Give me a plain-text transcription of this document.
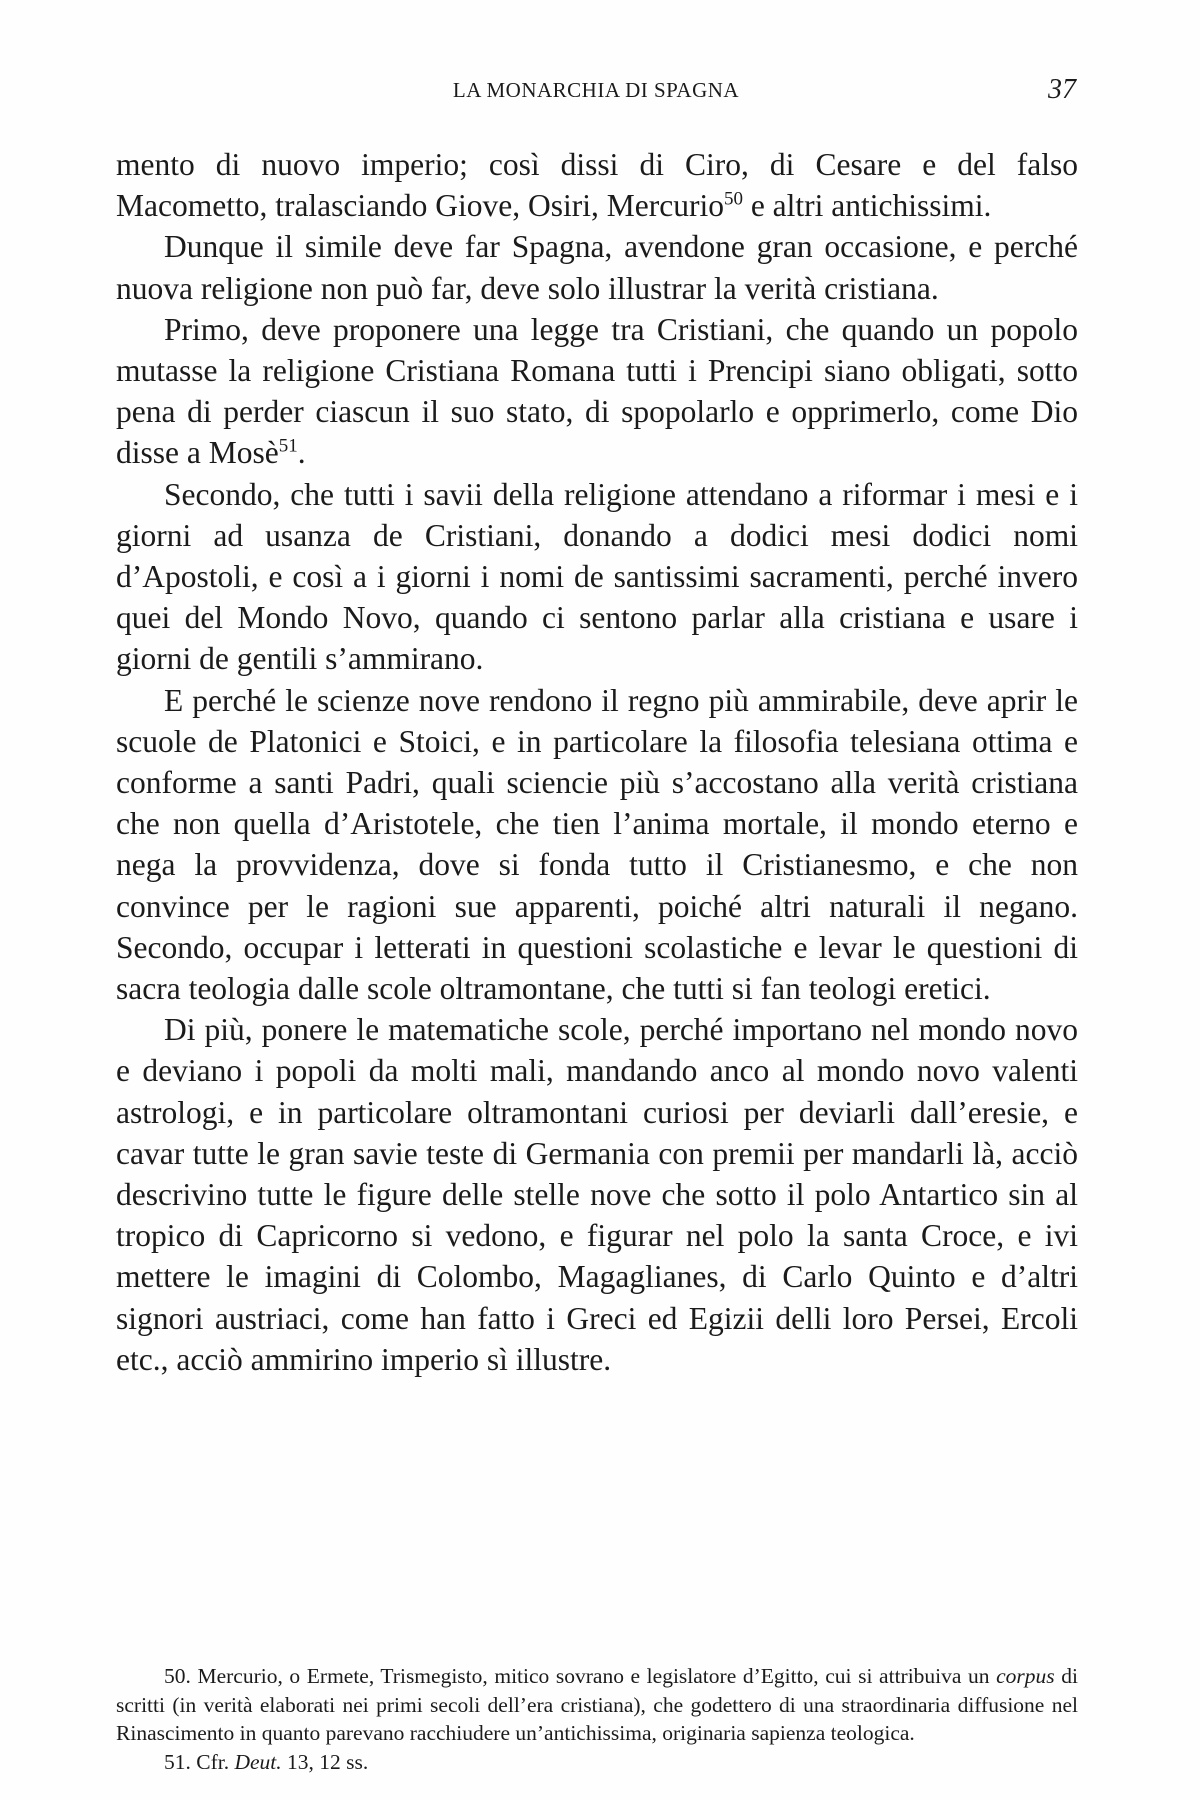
LA MONARCHIA DI SPAGNA	37

mento di nuovo imperio; così dissi di Ciro, di Cesare e del falso Macometto, tralasciando Giove, Osiri, Mercurio$^{50}$ e altri antichissimi.

Dunque il simile deve far Spagna, avendone gran occasione, e perché nuova religione non può far, deve solo illustrar la verità cristiana.

Primo, deve proponere una legge tra Cristiani, che quando un popolo mutasse la religione Cristiana Romana tutti i Prencipi siano obligati, sotto pena di perder ciascun il suo stato, di spopolarlo e opprimerlo, come Dio disse a Mosè$^{51}$.

Secondo, che tutti i savii della religione attendano a riformar i mesi e i giorni ad usanza de Cristiani, donando a dodici mesi dodici nomi d’Apostoli, e così a i giorni i nomi de santissimi sacramenti, perché invero quei del Mondo Novo, quando ci sentono parlar alla cristiana e usare i giorni de gentili s’ammirano.

E perché le scienze nove rendono il regno più ammirabile, deve aprir le scuole de Platonici e Stoici, e in particolare la filosofia telesiana ottima e conforme a santi Padri, quali sciencie più s’accostano alla verità cristiana che non quella d’Aristotele, che tien l’anima mortale, il mondo eterno e nega la provvidenza, dove si fonda tutto il Cristianesmo, e che non convince per le ragioni sue apparenti, poiché altri naturali il negano. Secondo, occupar i letterati in questioni scolastiche e levar le questioni di sacra teologia dalle scole oltramontane, che tutti si fan teologi eretici.

Di più, ponere le matematiche scole, perché importano nel mondo novo e deviano i popoli da molti mali, mandando anco al mondo novo valenti astrologi, e in particolare oltramontani curiosi per deviarli dall’eresie, e cavar tutte le gran savie teste di Germania con premii per mandarli là, acciò descrivino tutte le figure delle stelle nove che sotto il polo Antartico sin al tropico di Capricorno si vedono, e figurar nel polo la santa Croce, e ivi mettere le imagini di Colombo, Magaglianes, di Carlo Quinto e d’altri signori austriaci, come han fatto i Greci ed Egizii delli loro Persei, Ercoli etc., acciò ammirino imperio sì illustre.

50. Mercurio, o Ermete, Trismegisto, mitico sovrano e legislatore d’Egitto, cui si attribuiva un corpus di scritti (in verità elaborati nei primi secoli dell’era cristiana), che godettero di una straordinaria diffusione nel Rinascimento in quanto parevano racchiudere un’antichissima, originaria sapienza teologica.

51. Cfr. Deut. 13, 12 ss.
